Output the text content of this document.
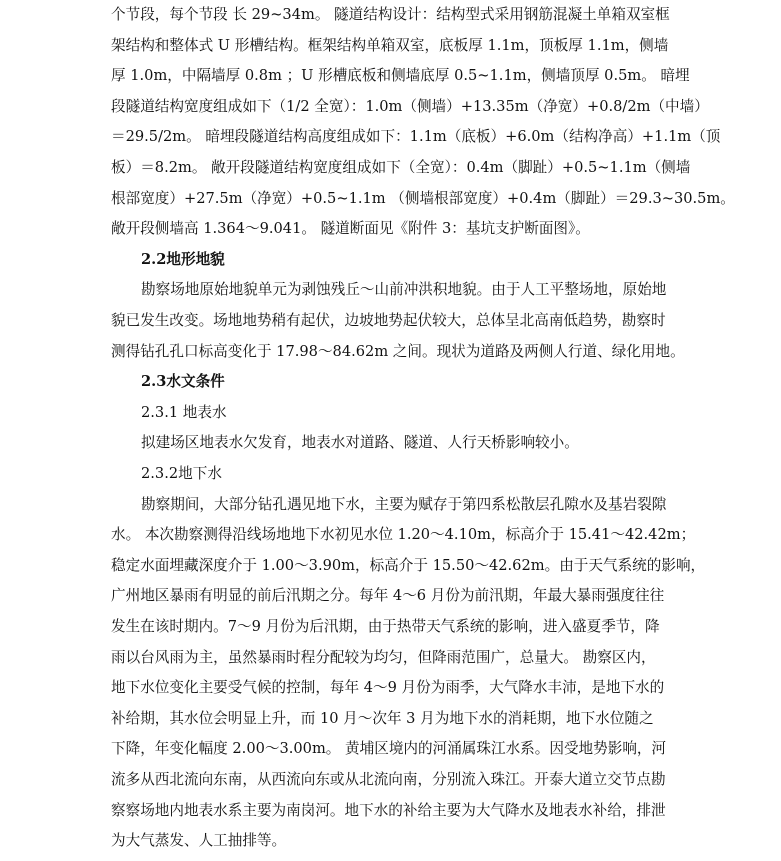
个节段，每个节段 长 29~34m。 隧道结构设计：结构型式采用钢筋混凝土单箱双室框
架结构和整体式 U 形槽结构。框架结构单箱双室，底板厚 1.1m，顶板厚 1.1m，侧墙
厚 1.0m，中隔墙厚 0.8m ；U 形槽底板和侧墙底厚 0.5~1.1m，侧墙顶厚 0.5m。 暗埋
段隧道结构宽度组成如下（1/2 全宽）：1.0m（侧墙）+13.35m（净宽）+0.8/2m（中墙）
＝29.5/2m。 暗埋段隧道结构高度组成如下：1.1m（底板）+6.0m（结构净高）+1.1m（顶
板）＝8.2m。 敞开段隧道结构宽度组成如下（全宽）：0.4m（脚趾）+0.5~1.1m（侧墙
根部宽度）+27.5m（净宽）+0.5~1.1m （侧墙根部宽度）+0.4m（脚趾）＝29.3~30.5m。
敞开段侧墙高 1.364～9.041。 隧道断面见《附件 3：基坑支护断面图》。
2.2地形地貌
勘察场地原始地貌单元为剥蚀残丘～山前冲洪积地貌。由于人工平整场地，原始地
貌已发生改变。场地地势稍有起伏，边坡地势起伏较大，总体呈北高南低趋势，勘察时
测得钻孔孔口标高变化于 17.98～84.62m 之间。现状为道路及两侧人行道、绿化用地。
2.3水文条件
2.3.1 地表水
拟建场区地表水欠发育，地表水对道路、隧道、人行天桥影响较小。
2.3.2地下水
勘察期间，大部分钻孔遇见地下水，主要为赋存于第四系松散层孔隙水及基岩裂隙
水。 本次勘察测得沿线场地地下水初见水位 1.20～4.10m，标高介于 15.41～42.42m；
稳定水面埋藏深度介于 1.00～3.90m，标高介于 15.50～42.62m。由于天气系统的影响，
广州地区暴雨有明显的前后汛期之分。每年 4～6 月份为前汛期，年最大暴雨强度往往
发生在该时期内。7～9 月份为后汛期，由于热带天气系统的影响，进入盛夏季节，降
雨以台风雨为主，虽然暴雨时程分配较为均匀，但降雨范围广，总量大。 勘察区内，
地下水位变化主要受气候的控制，每年 4～9 月份为雨季，大气降水丰沛，是地下水的
补给期，其水位会明显上升，而 10 月～次年 3 月为地下水的消耗期，地下水位随之
下降，年变化幅度 2.00～3.00m。 黄埔区境内的河涌属珠江水系。因受地势影响，河
流多从西北流向东南，从西流向东或从北流向南，分别流入珠江。开泰大道立交节点勘
察察场地内地表水系主要为南岗河。地下水的补给主要为大气降水及地表水补给，排泄
为大气蒸发、人工抽排等。
